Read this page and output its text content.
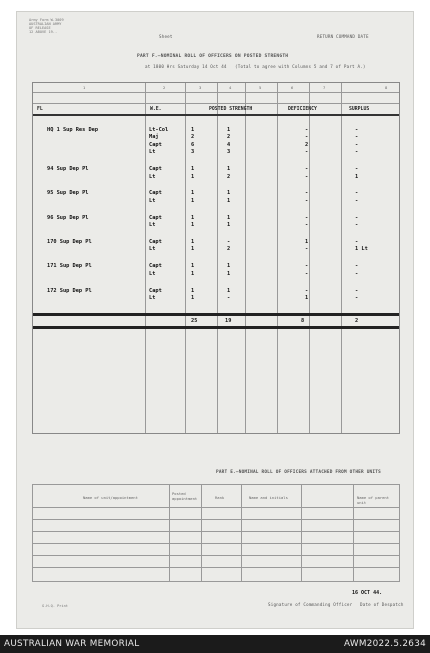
Army Form W.3009
AUSTRALIAN ARMY
OF RELEASE
12 ABOVE 19..
Sheet	RETURN COMMAND DATE
PART F.—NOMINAL ROLL OF OFFICERS ON POSTED STRENGTH
at 1800 Hrs Saturday 14 Oct 44 (Total to agree with Columns 5 and 7 of Part A.)
1	2	3	4	5	6	7	8
FL	W.E.	POSTED STRENGTH	DEFICIENCY	SURPLUS
HQ 1 Sup Res Dep	Lt-Col	1	1	-	-
Maj	2	2	-	-
Capt	6	4	2	-
Lt	3	3	-	-
94 Sup Dep Pl	Capt	1	1	-	-
Lt	1	2	-	1
95 Sup Dep Pl	Capt	1	1	-	-
Lt	1	1	-	-
96 Sup Dep Pl	Capt	1	1	-	-
Lt	1	1	-	-
170 Sup Dep Pl	Capt	1	-	1	-
Lt	1	2	-	1 Lt
171 Sup Dep Pl	Capt	1	1	-	-
Lt	1	1	-	-
172 Sup Dep Pl	Capt	1	1	-	-
Lt	1	-	1	-
25	19	8	2
PART E.—NOMINAL ROLL OF OFFICERS ATTACHED FROM OTHER UNITS
Name of unit/appointment
Posted appointment	Rank	Name and initials	Name of parent unit
16 OCT 44.
Signature of Commanding Officer Date of Despatch
G.H.Q. Print
AUSTRALIAN WAR MEMORIAL	AWM2022.5.2634
